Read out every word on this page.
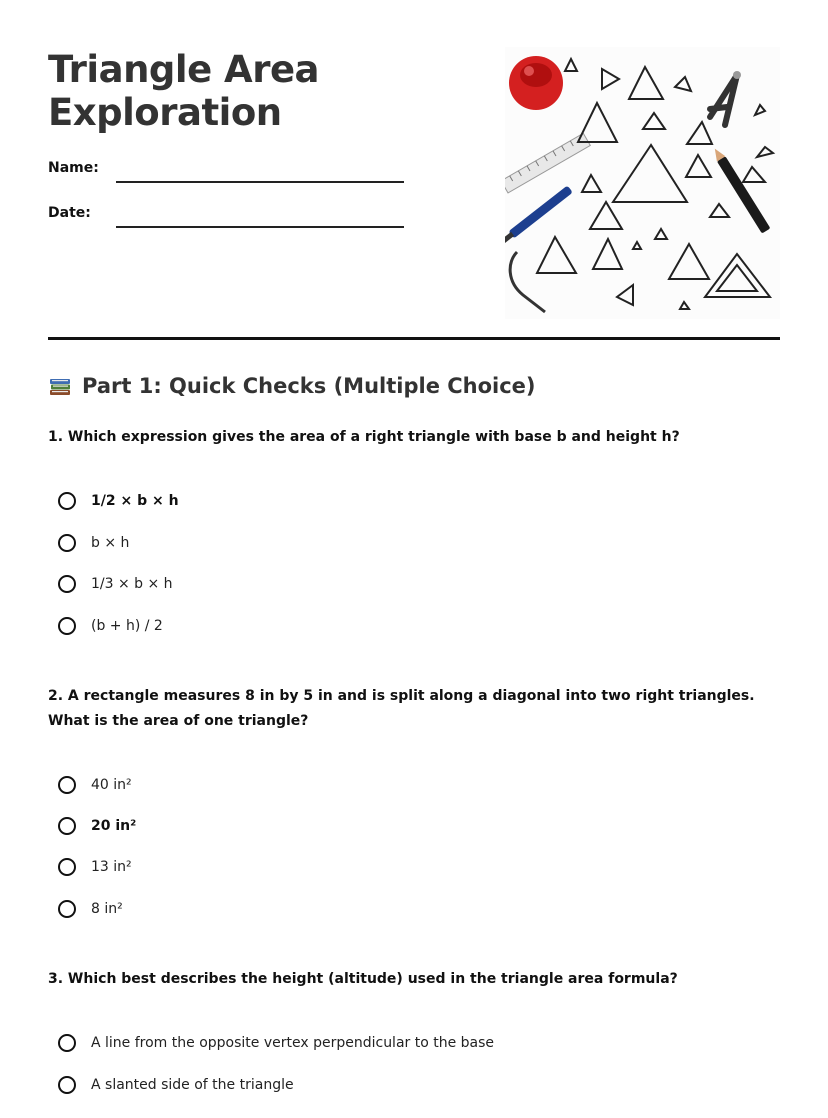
Triangle Area
Exploration
Name:
Date:
Part 1: Quick Checks (Multiple Choice)
1. Which expression gives the area of a right triangle with base b and height h?
1/2 × b × h
b × h
1/3 × b × h
(b + h) / 2
2. A rectangle measures 8 in by 5 in and is split along a diagonal into two right triangles. What is the area of one triangle?
40 in²
20 in²
13 in²
8 in²
3. Which best describes the height (altitude) used in the triangle area formula?
A line from the opposite vertex perpendicular to the base
A slanted side of the triangle
